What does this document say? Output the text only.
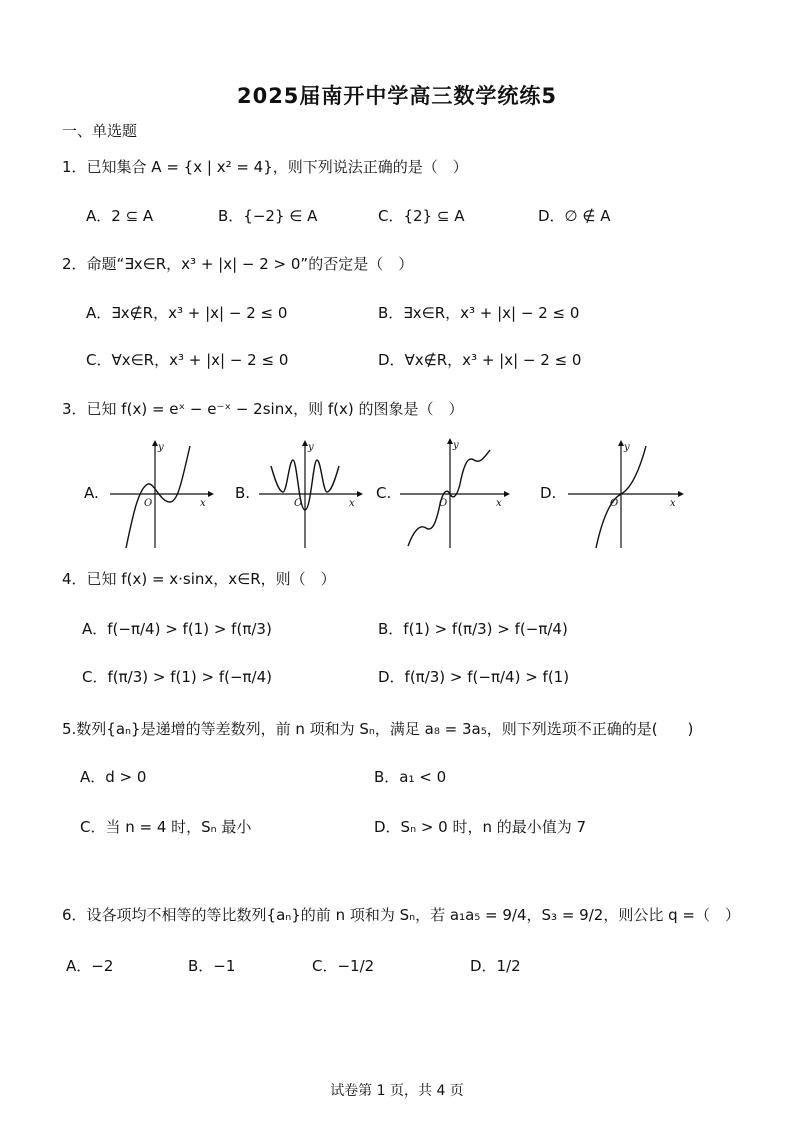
2025届南开中学高三数学统练5
一、单选题
1．已知集合 A = {x | x² = 4}，则下列说法正确的是（　）
A．2 ⊆ A	B．{−2} ∈ A	C．{2} ⊆ A	D．∅ ∉ A
2．命题“∃x∈R，x³ + |x| − 2 > 0”的否定是（　）
A．∃x∉R，x³ + |x| − 2 ≤ 0	B．∃x∈R，x³ + |x| − 2 ≤ 0
C．∀x∈R，x³ + |x| − 2 ≤ 0	D．∀x∉R，x³ + |x| − 2 ≤ 0
3．已知 f(x) = eˣ − e⁻ˣ − 2sinx，则 f(x) 的图象是（　）
A.
y
x
O
B.
y
x
O
C.
y
x
O
D.
y
x
O
4．已知 f(x) = x·sinx，x∈R，则（　）
A．f(−π/4) > f(1) > f(π/3)	B．f(1) > f(π/3) > f(−π/4)
C．f(π/3) > f(1) > f(−π/4)	D．f(π/3) > f(−π/4) > f(1)
5.数列{aₙ}是递增的等差数列，前 n 项和为 Sₙ，满足 a₈ = 3a₅，则下列选项不正确的是(　　)
A．d > 0	B．a₁ < 0
C．当 n = 4 时，Sₙ 最小	D．Sₙ > 0 时，n 的最小值为 7
6．设各项均不相等的等比数列{aₙ}的前 n 项和为 Sₙ，若 a₁a₅ = 9/4，S₃ = 9/2，则公比 q =（　）
A．−2	B．−1	C．−1/2	D．1/2
试卷第 1 页，共 4 页
